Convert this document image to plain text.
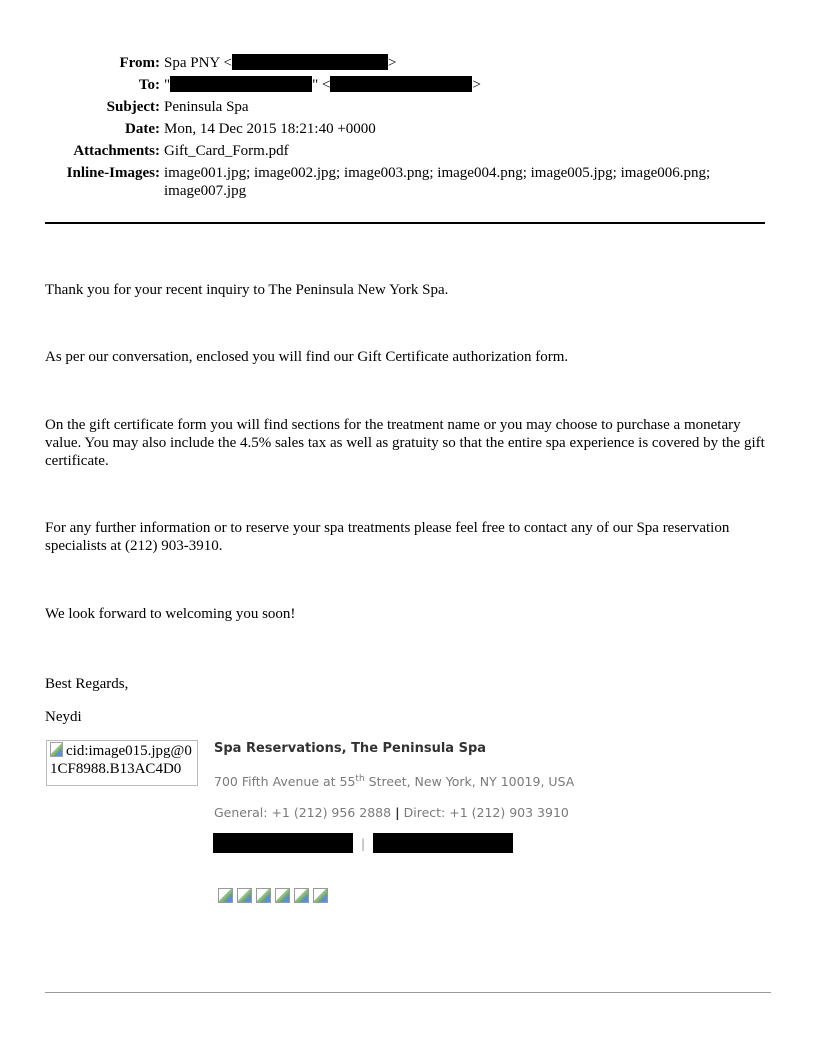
From: Spa PNY <	>
To: "	" <	>
Subject: Peninsula Spa
Date: Mon, 14 Dec 2015 18:21:40 +0000
Attachments: Gift_Card_Form.pdf
Inline-Images: image001.jpg; image002.jpg; image003.png; image004.png; image005.jpg; image006.png; image007.jpg
Thank you for your recent inquiry to The Peninsula New York Spa.
As per our conversation, enclosed you will find our Gift Certificate authorization form.
On the gift certificate form you will find sections for the treatment name or you may choose to purchase a monetary value. You may also include the 4.5% sales tax as well as gratuity so that the entire spa experience is covered by the gift certificate.
For any further information or to reserve your spa treatments please feel free to contact any of our Spa reservation specialists at (212) 903-3910.
We look forward to welcoming you soon!
Best Regards,
Neydi
cid:image015.jpg@01CF8988.B13AC4D0
Spa Reservations, The Peninsula Spa
700 Fifth Avenue at 55th Street, New York, NY 10019, USA
General: +1 (212) 956 2888 | Direct: +1 (212) 903 3910
|
